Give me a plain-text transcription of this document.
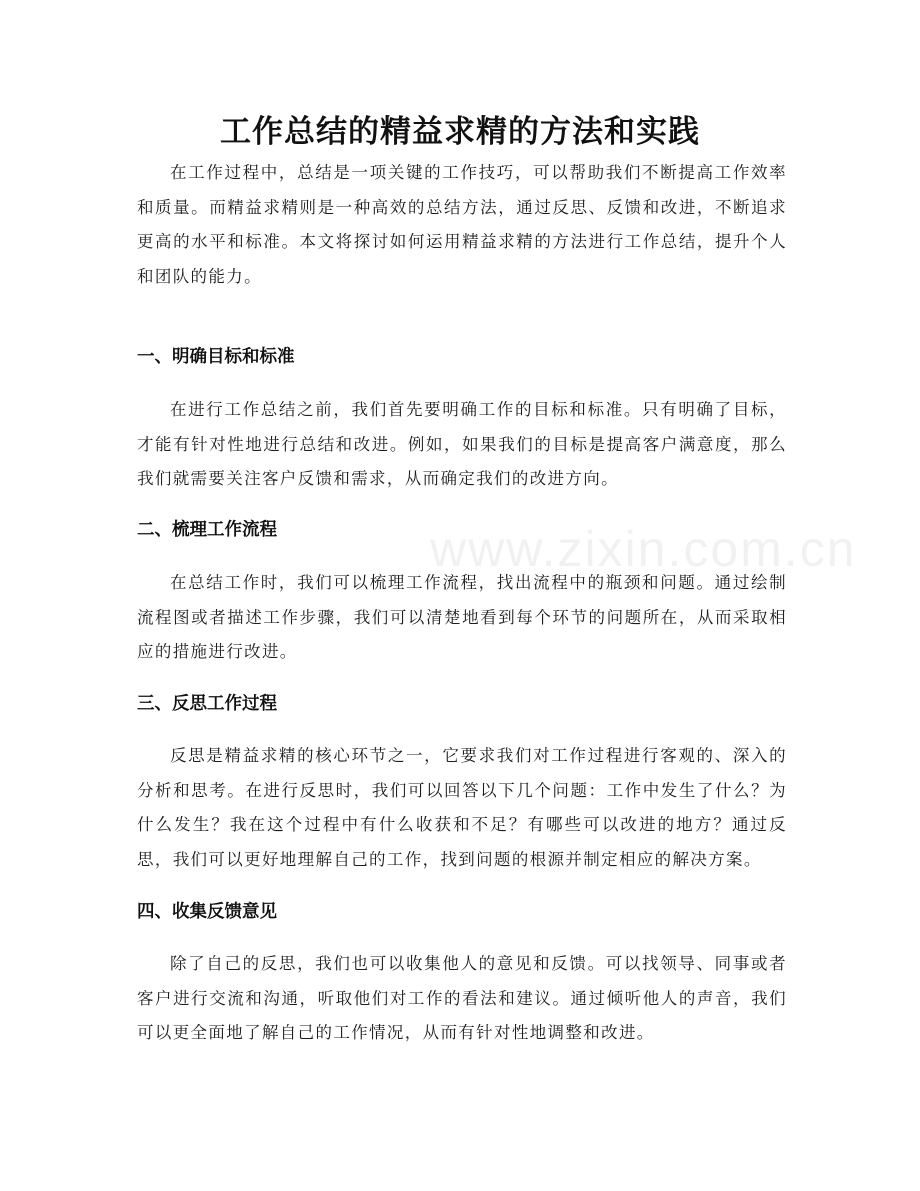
www.zixin.com.cn
工作总结的精益求精的方法和实践
在工作过程中，总结是一项关键的工作技巧，可以帮助我们不断提高工作效率和质量。而精益求精则是一种高效的总结方法，通过反思、反馈和改进，不断追求更高的水平和标准。本文将探讨如何运用精益求精的方法进行工作总结，提升个人和团队的能力。
一、明确目标和标准
在进行工作总结之前，我们首先要明确工作的目标和标准。只有明确了目标，才能有针对性地进行总结和改进。例如，如果我们的目标是提高客户满意度，那么我们就需要关注客户反馈和需求，从而确定我们的改进方向。
二、梳理工作流程
在总结工作时，我们可以梳理工作流程，找出流程中的瓶颈和问题。通过绘制流程图或者描述工作步骤，我们可以清楚地看到每个环节的问题所在，从而采取相应的措施进行改进。
三、反思工作过程
反思是精益求精的核心环节之一，它要求我们对工作过程进行客观的、深入的分析和思考。在进行反思时，我们可以回答以下几个问题：工作中发生了什么？为什么发生？我在这个过程中有什么收获和不足？有哪些可以改进的地方？通过反思，我们可以更好地理解自己的工作，找到问题的根源并制定相应的解决方案。
四、收集反馈意见
除了自己的反思，我们也可以收集他人的意见和反馈。可以找领导、同事或者客户进行交流和沟通，听取他们对工作的看法和建议。通过倾听他人的声音，我们可以更全面地了解自己的工作情况，从而有针对性地调整和改进。
